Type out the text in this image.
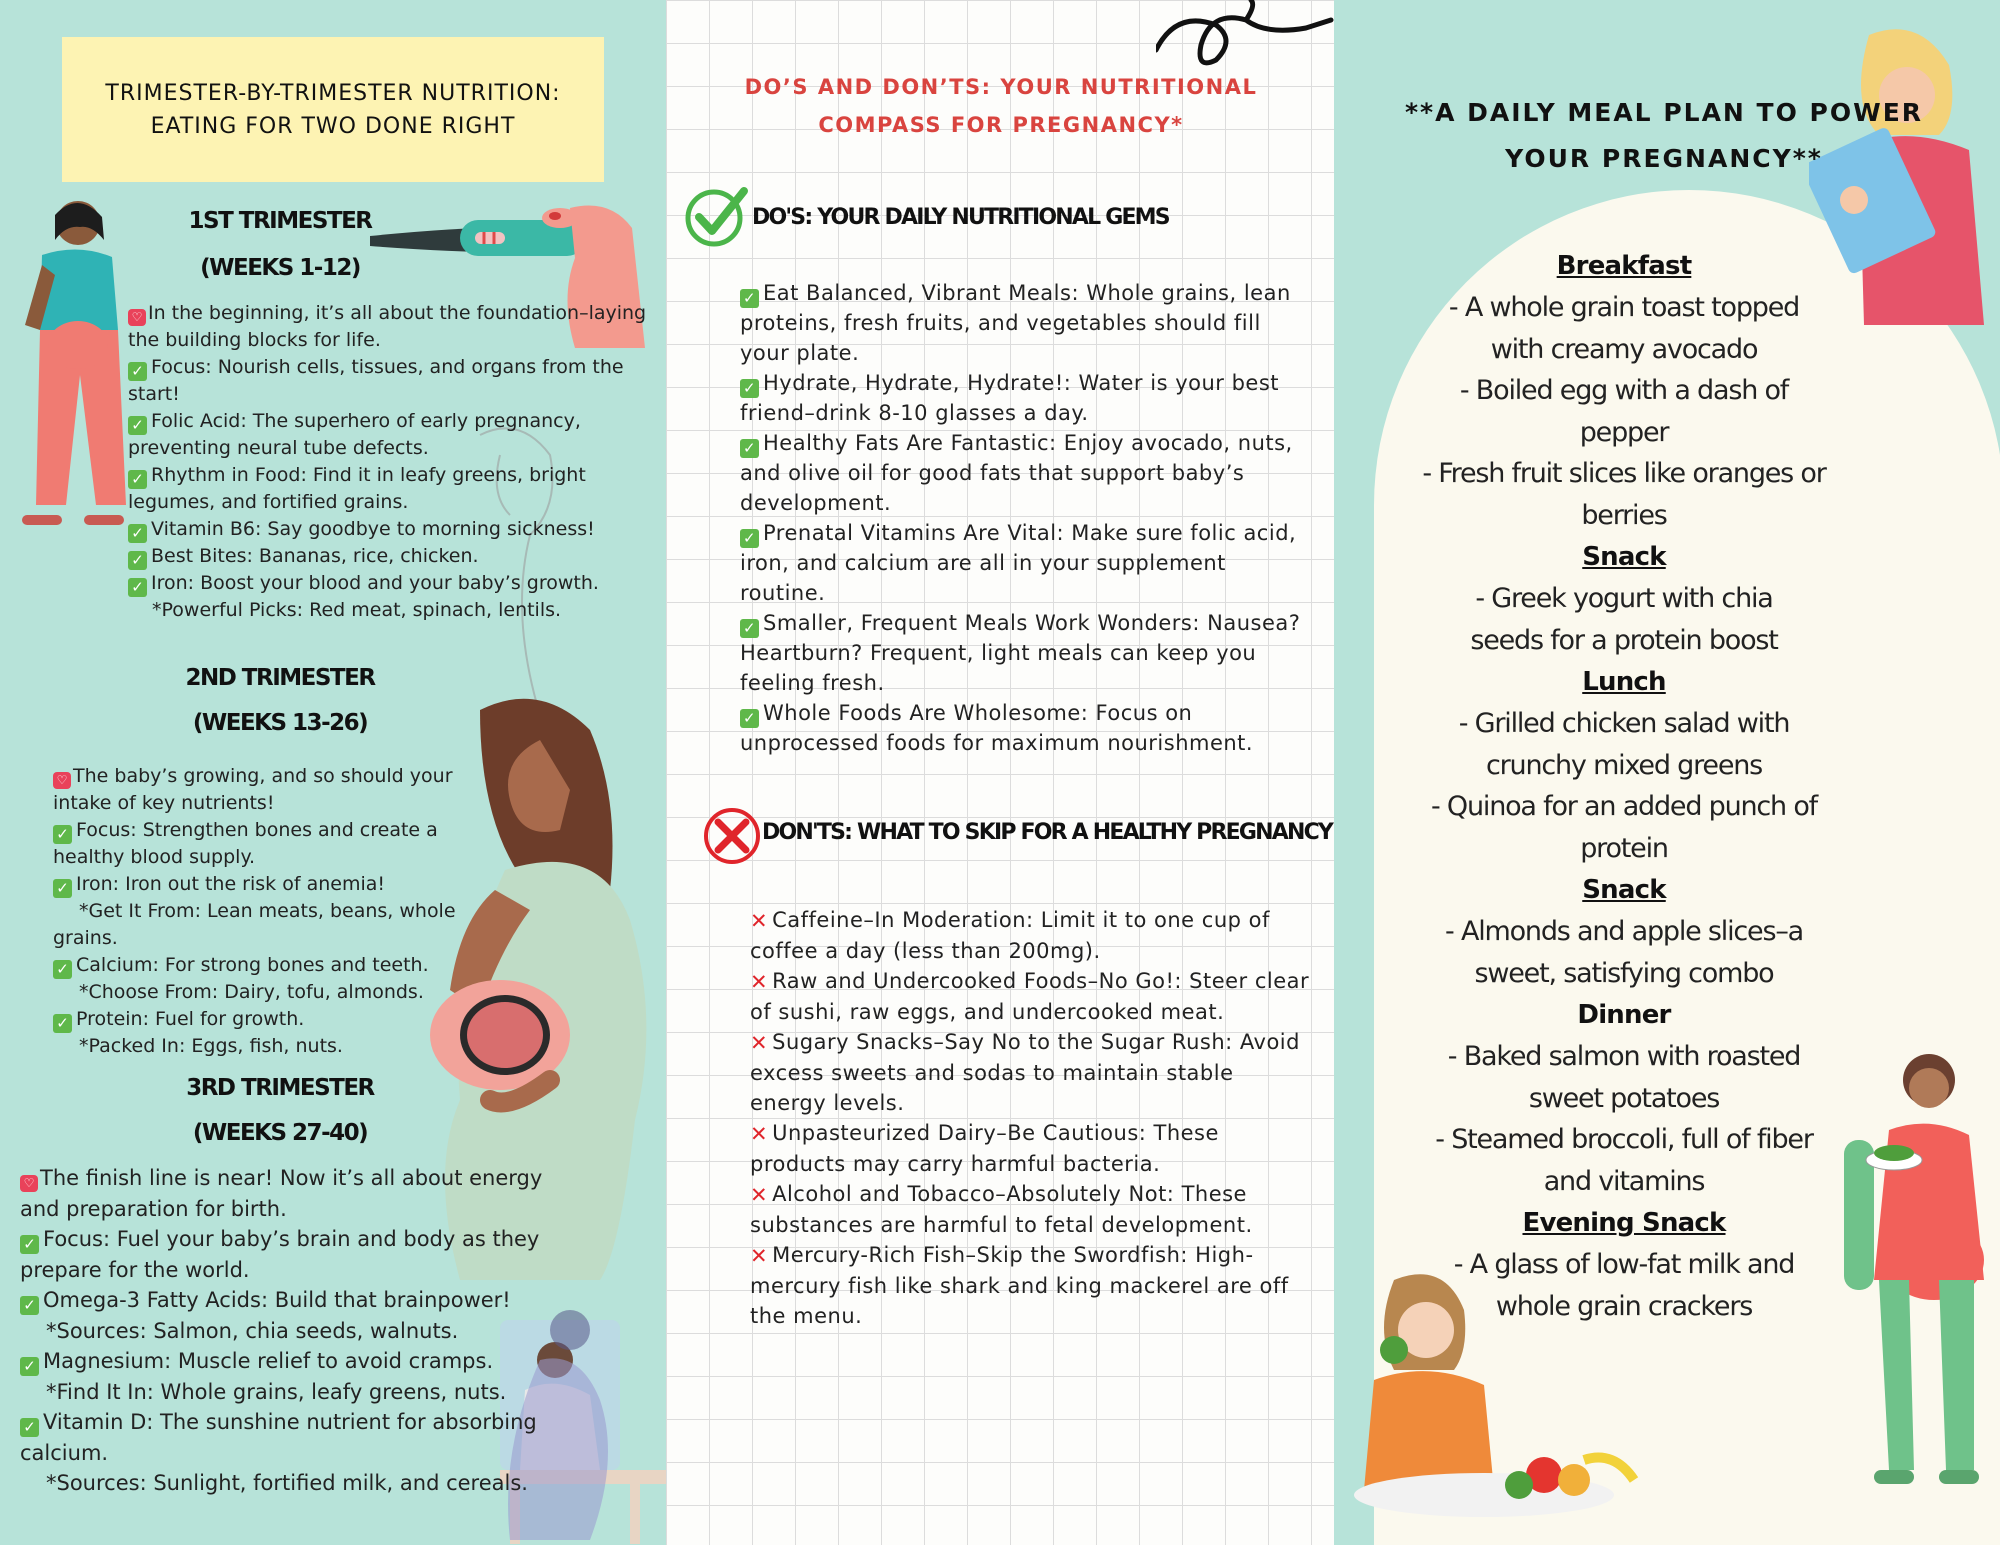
TRIMESTER-BY-TRIMESTER NUTRITION: EATING FOR TWO DONE RIGHT
1ST TRIMESTER
(WEEKS 1-12)

♡ In the beginning, it’s all about the foundation–laying the building blocks for life.

✓ Focus: Nourish cells, tissues, and organs from the start!

✓ Folic Acid: The superhero of early pregnancy, preventing neural tube defects.

✓ Rhythm in Food: Find it in leafy greens, bright legumes, and fortified grains.

✓ Vitamin B6: Say goodbye to morning sickness!

✓ Best Bites: Bananas, rice, chicken.

✓ Iron: Boost your blood and your baby’s growth.

*Powerful Picks: Red meat, spinach, lentils.

2ND TRIMESTER
(WEEKS 13-26)

♡ The baby’s growing, and so should your intake of key nutrients!

✓ Focus: Strengthen bones and create a healthy blood supply.

✓ Iron: Iron out the risk of anemia!

*Get It From: Lean meats, beans, whole grains.

✓ Calcium: For strong bones and teeth.

*Choose From: Dairy, tofu, almonds.

✓ Protein: Fuel for growth.

*Packed In: Eggs, fish, nuts.

3RD TRIMESTER
(WEEKS 27-40)

♡ The finish line is near! Now it’s all about energy and preparation for birth.

✓ Focus: Fuel your baby’s brain and body as they prepare for the world.

✓ Omega-3 Fatty Acids: Build that brainpower!

*Sources: Salmon, chia seeds, walnuts.

✓ Magnesium: Muscle relief to avoid cramps.

*Find It In: Whole grains, leafy greens, nuts.

✓ Vitamin D: The sunshine nutrient for absorbing calcium.

*Sources: Sunlight, fortified milk, and cereals.

DO’S AND DON’TS: YOUR NUTRITIONAL COMPASS FOR PREGNANCY*
DO'S: YOUR DAILY NUTRITIONAL GEMS

✓ Eat Balanced, Vibrant Meals: Whole grains, lean proteins, fresh fruits, and vegetables should fill your plate.

✓ Hydrate, Hydrate, Hydrate!: Water is your best friend–drink 8-10 glasses a day.

✓ Healthy Fats Are Fantastic: Enjoy avocado, nuts, and olive oil for good fats that support baby’s development.

✓ Prenatal Vitamins Are Vital: Make sure folic acid, iron, and calcium are all in your supplement routine.

✓ Smaller, Frequent Meals Work Wonders: Nausea? Heartburn? Frequent, light meals can keep you feeling fresh.

✓ Whole Foods Are Wholesome: Focus on unprocessed foods for maximum nourishment.

DON'TS: WHAT TO SKIP FOR A HEALTHY PREGNANCY

✕ Caffeine–In Moderation: Limit it to one cup of coffee a day (less than 200mg).

✕ Raw and Undercooked Foods–No Go!: Steer clear of sushi, raw eggs, and undercooked meat.

✕ Sugary Snacks–Say No to the Sugar Rush: Avoid excess sweets and sodas to maintain stable energy levels.

✕ Unpasteurized Dairy–Be Cautious: These products may carry harmful bacteria.

✕ Alcohol and Tobacco–Absolutely Not: These substances are harmful to fetal development.

✕ Mercury-Rich Fish–Skip the Swordfish: High-mercury fish like shark and king mackerel are off the menu.

**A DAILY MEAL PLAN TO POWER YOUR PREGNANCY**
Breakfast
- A whole grain toast topped with creamy avocado
- Boiled egg with a dash of pepper
- Fresh fruit slices like oranges or berries
Snack
- Greek yogurt with chia seeds for a protein boost
Lunch
- Grilled chicken salad with crunchy mixed greens
- Quinoa for an added punch of protein
Snack
- Almonds and apple slices–a sweet, satisfying combo
Dinner
- Baked salmon with roasted sweet potatoes
- Steamed broccoli, full of fiber and vitamins
Evening Snack
- A glass of low-fat milk and whole grain crackers
